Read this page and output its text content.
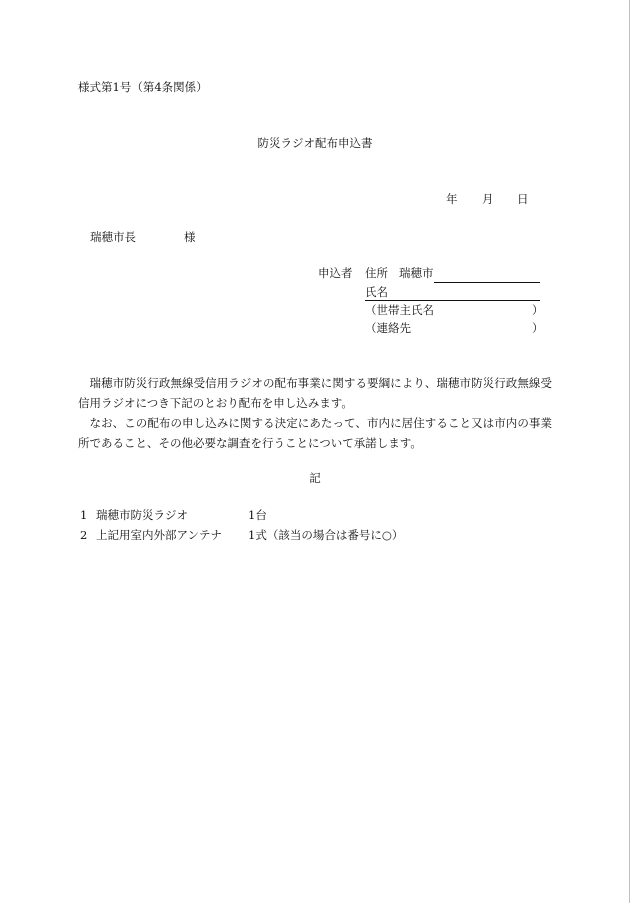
様式第1号（第4条関係）
防災ラジオ配布申込書
年 月 日
瑞穂市長	様
申込者 住所 瑞穂市
氏名
（世帯主氏名	）
（連絡先	）

瑞穂市防災行政無線受信用ラジオの配布事業に関する要綱により、瑞穂市防災行政無線受信用ラジオにつき下記のとおり配布を申し込みます。

なお、この配布の申し込みに関する決定にあたって、市内に居住すること又は市内の事業所であること、その他必要な調査を行うことについて承諾します。

記
1 瑞穂市防災ラジオ	1台
2 上記用室内外部アンテナ 1式（該当の場合は番号に○）
